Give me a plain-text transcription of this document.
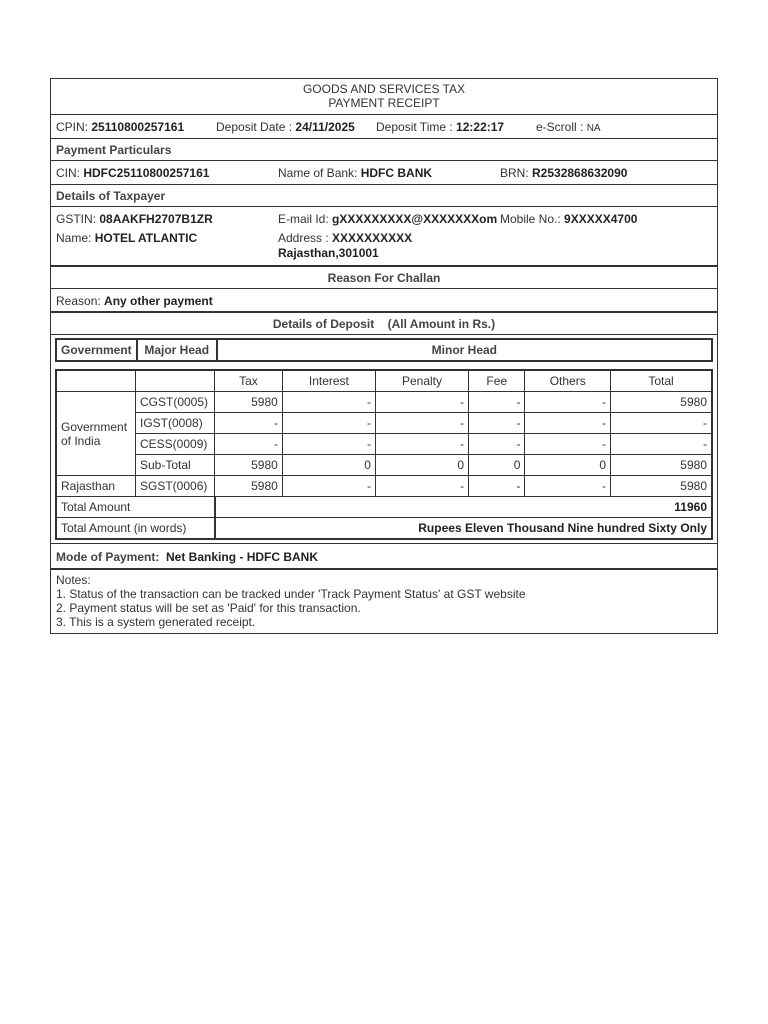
GOODS AND SERVICES TAX
PAYMENT RECEIPT
CPIN: 25110800257161	Deposit Date : 24/11/2025 Deposit Time : 12:22:17	e-Scroll : NA
Payment Particulars
CIN: HDFC25110800257161	Name of Bank: HDFC BANK	BRN: R2532868632090
Details of Taxpayer
GSTIN: 08AAKFH2707B1ZR
Name: HOTEL ATLANTIC
E-mail Id: gXXXXXXXXX@XXXXXXXom Mobile No.: 9XXXXX4700
Address : XXXXXXXXXX
Rajasthan,301001
Reason For Challan
Reason: Any other payment
Details of Deposit (All Amount in Rs.)
Government	Major Head	Minor Head
		Tax	Interest	Penalty	Fee	Others	Total
Government of India	CGST(0005)	5980	-	-	-	-	5980
	IGST(0008)	-	-	-	-	-	-
	CESS(0009)	-	-	-	-	-	-
	Sub-Total	5980	0	0	0	0	5980
Rajasthan	SGST(0006)	5980	-	-	-	-	5980
Total Amount		11960					
Total Amount (in words)		Rupees Eleven Thousand Nine hundred Sixty Only					
Mode of Payment: Net Banking - HDFC BANK
Notes:
1. Status of the transaction can be tracked under 'Track Payment Status' at GST website
2. Payment status will be set as 'Paid' for this transaction.
3. This is a system generated receipt.
